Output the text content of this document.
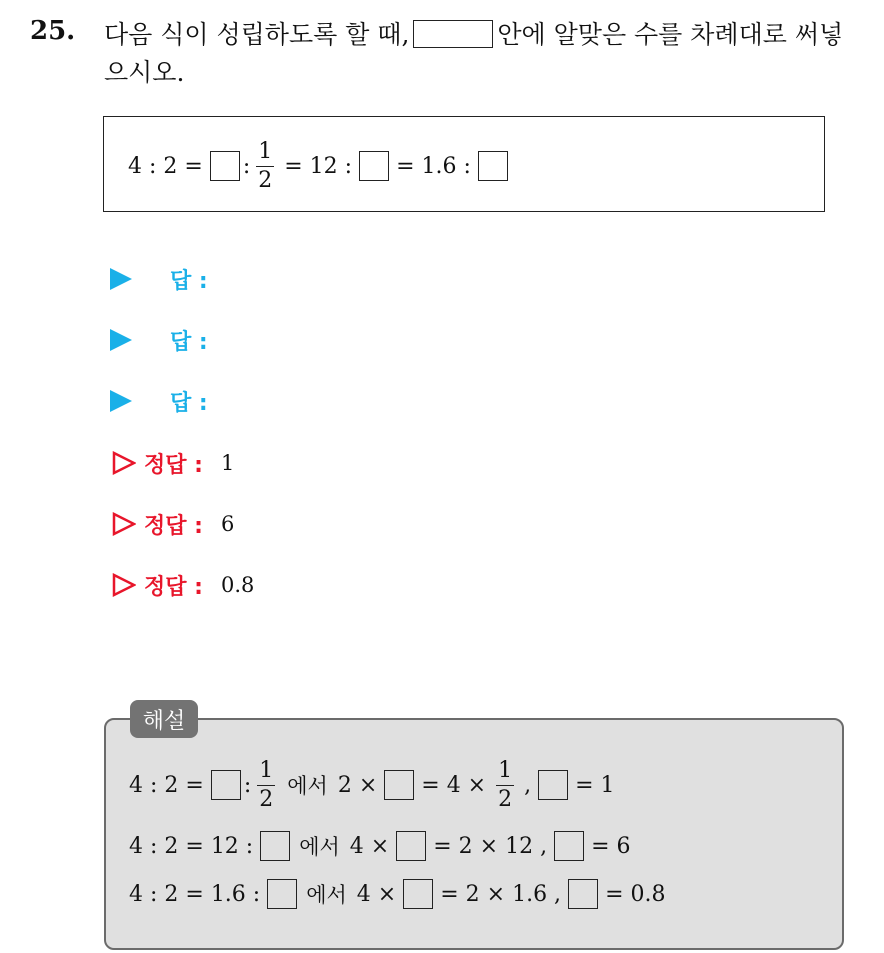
25. 다음 식이 성립하도록 할 때,	안에 알맞은 수를 차례대로 써넣으시오.
4 : 2 = : $\frac{1}{2} = 12$ : = 1.6 :
답 :
답 :
답 :
정답 : 1
정답 : 6
정답 : 0.8
해설
4 : 2 = : $\frac{1}{2}$ 에서 2 × = $4 \times \frac{1}{2}$ , = 1
4 : 2 = 12 : 에서 4 × = 2 × 12 , = 6
4 : 2 = 1.6 : 에서 4 × = 2 × 1.6 , = 0.8
